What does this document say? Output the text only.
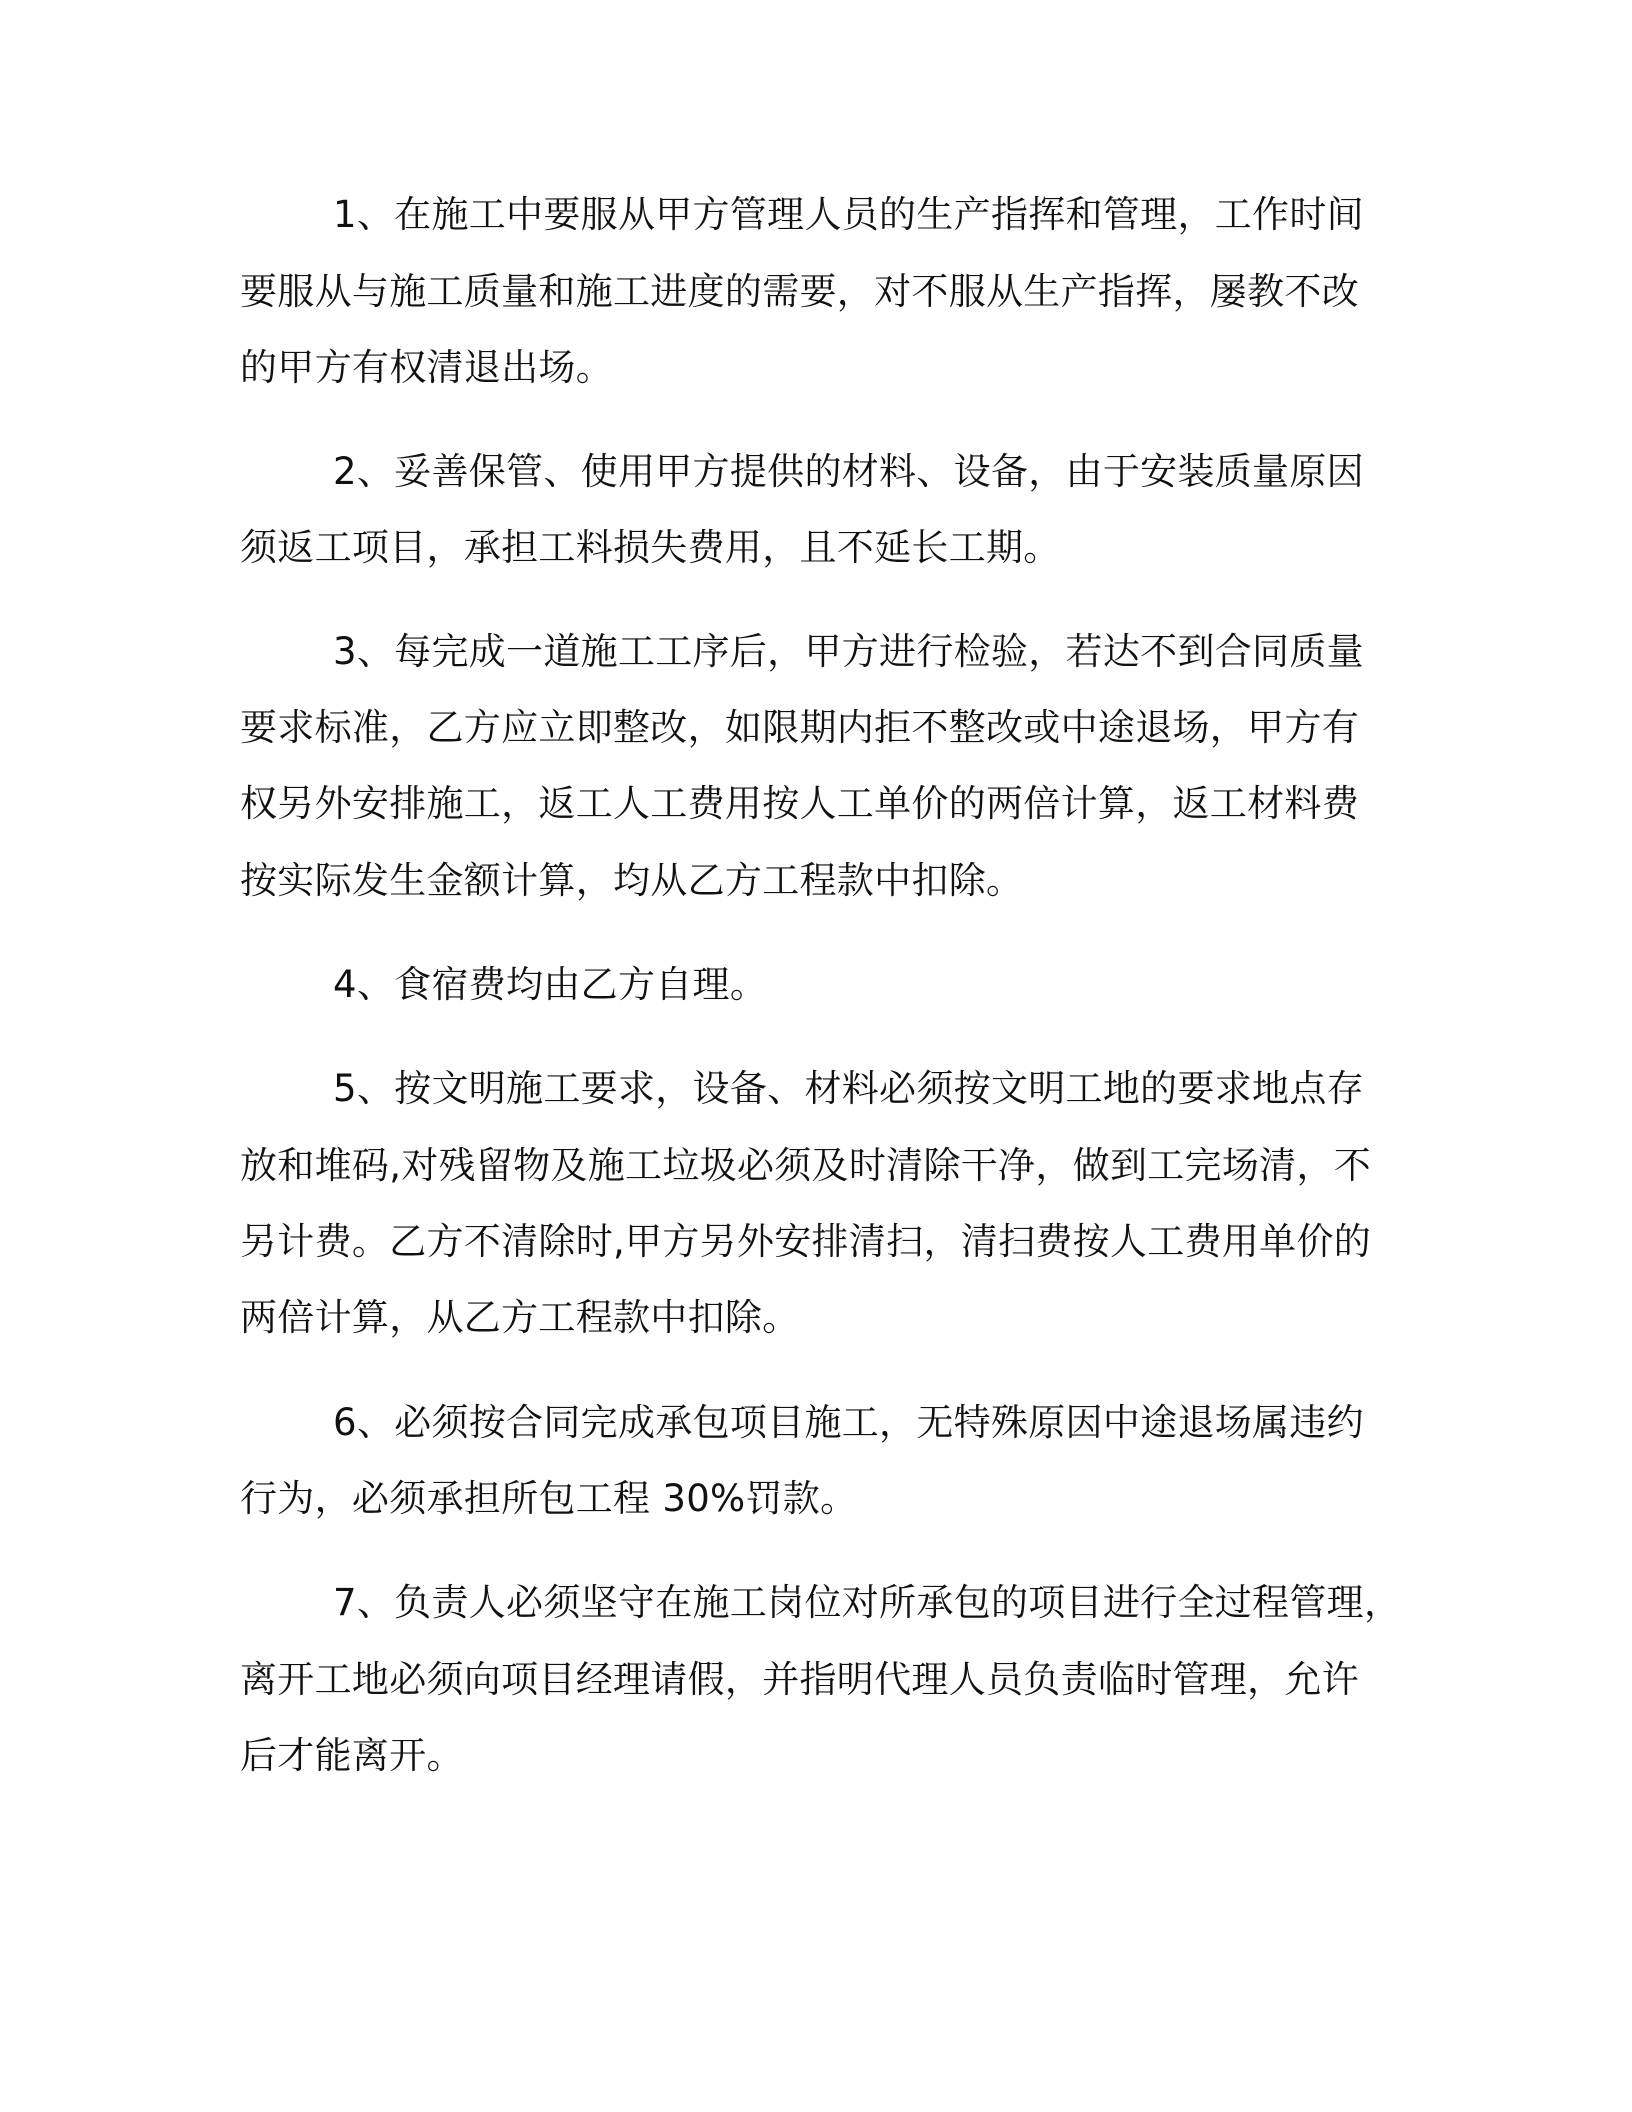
1、在施工中要服从甲方管理人员的生产指挥和管理，工作时间
要服从与施工质量和施工进度的需要，对不服从生产指挥，屡教不改
的甲方有权清退出场。
2、妥善保管、使用甲方提供的材料、设备，由于安装质量原因
须返工项目，承担工料损失费用，且不延长工期。
3、每完成一道施工工序后，甲方进行检验，若达不到合同质量
要求标准，乙方应立即整改，如限期内拒不整改或中途退场，甲方有
权另外安排施工，返工人工费用按人工单价的两倍计算，返工材料费
按实际发生金额计算，均从乙方工程款中扣除。
4、食宿费均由乙方自理。
5、按文明施工要求，设备、材料必须按文明工地的要求地点存
放和堆码,对残留物及施工垃圾必须及时清除干净，做到工完场清，不
另计费。乙方不清除时,甲方另外安排清扫，清扫费按人工费用单价的
两倍计算，从乙方工程款中扣除。
6、必须按合同完成承包项目施工，无特殊原因中途退场属违约
行为，必须承担所包工程 30%罚款。
7、负责人必须坚守在施工岗位对所承包的项目进行全过程管理，
离开工地必须向项目经理请假，并指明代理人员负责临时管理，允许
后才能离开。
